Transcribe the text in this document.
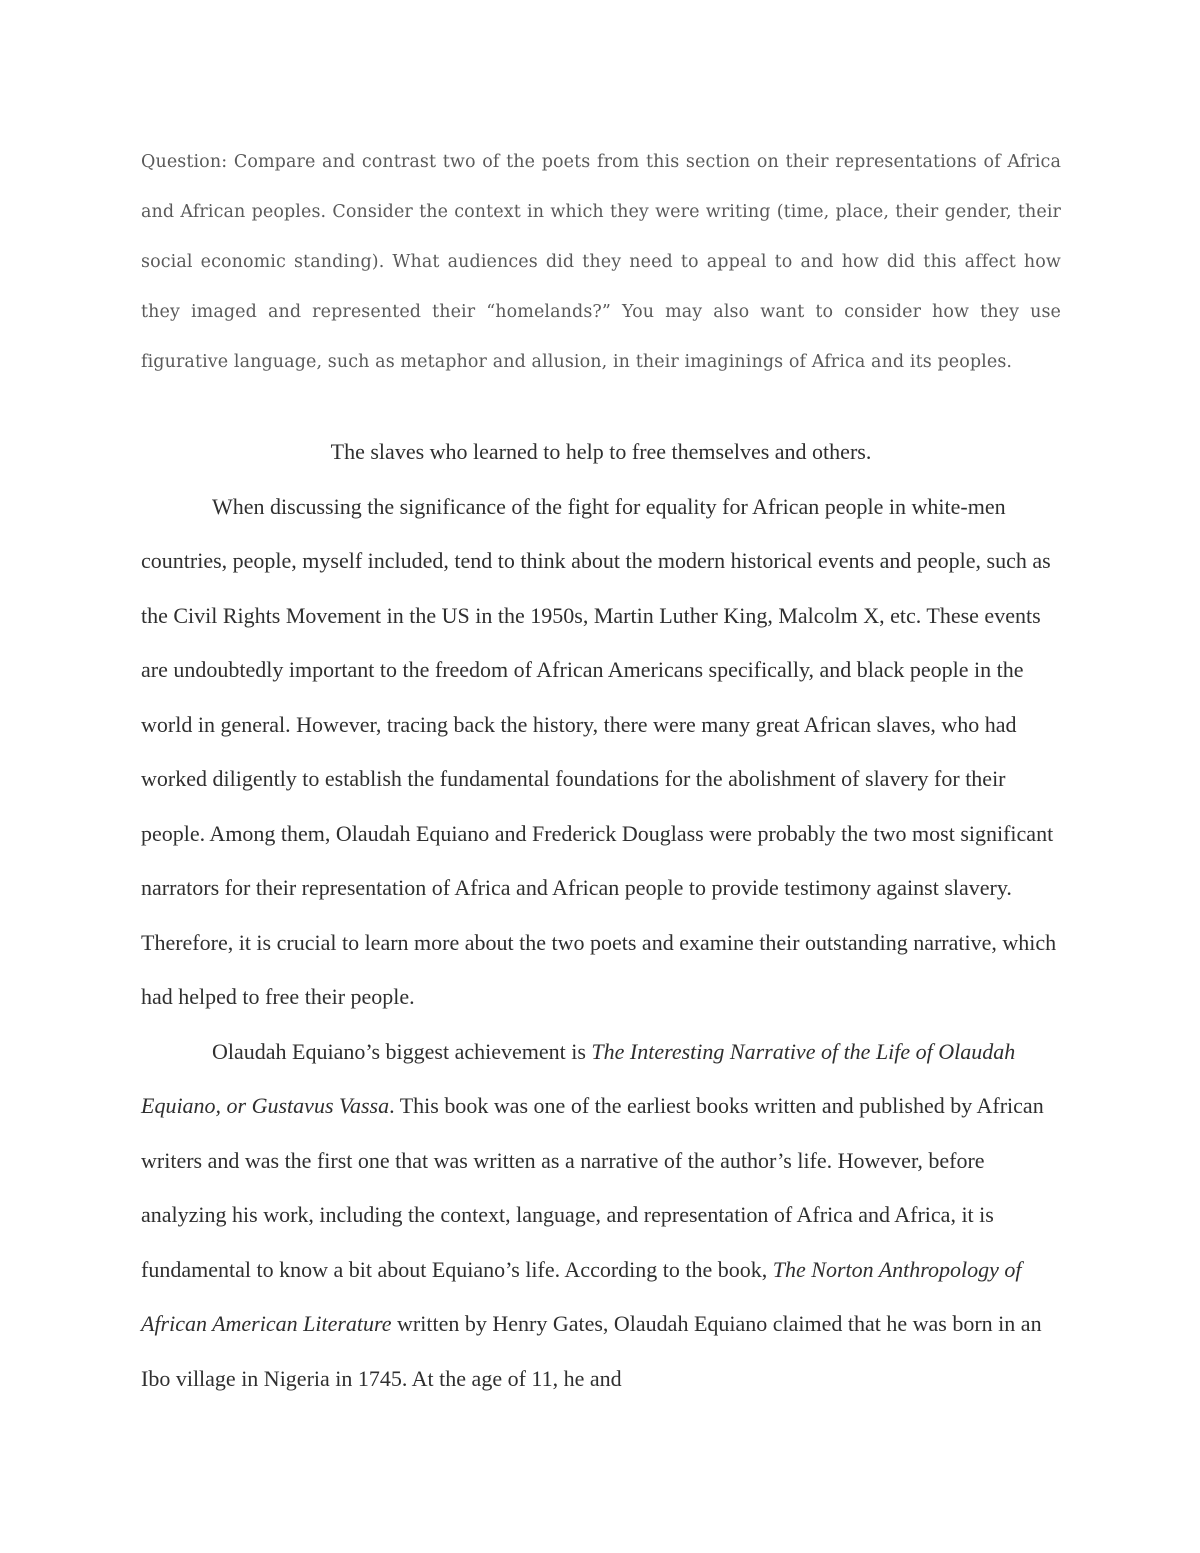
Question: Compare and contrast two of the poets from this section on their representations of Africa and African peoples. Consider the context in which they were writing (time, place, their gender, their social economic standing). What audiences did they need to appeal to and how did this affect how they imaged and represented their “homelands?” You may also want to consider how they use figurative language, such as metaphor and allusion, in their imaginings of Africa and its peoples.

The slaves who learned to help to free themselves and others.

When discussing the significance of the fight for equality for African people in white-men countries, people, myself included, tend to think about the modern historical events and people, such as the Civil Rights Movement in the US in the 1950s, Martin Luther King, Malcolm X, etc. These events are undoubtedly important to the freedom of African Americans specifically, and black people in the world in general. However, tracing back the history, there were many great African slaves, who had worked diligently to establish the fundamental foundations for the abolishment of slavery for their people. Among them, Olaudah Equiano and Frederick Douglass were probably the two most significant narrators for their representation of Africa and African people to provide testimony against slavery. Therefore, it is crucial to learn more about the two poets and examine their outstanding narrative, which had helped to free their people.

Olaudah Equiano’s biggest achievement is The Interesting Narrative of the Life of Olaudah Equiano, or Gustavus Vassa. This book was one of the earliest books written and published by African writers and was the first one that was written as a narrative of the author’s life. However, before analyzing his work, including the context, language, and representation of Africa and Africa, it is fundamental to know a bit about Equiano’s life. According to the book, The Norton Anthropology of African American Literature written by Henry Gates, Olaudah Equiano claimed that he was born in an Ibo village in Nigeria in 1745. At the age of 11, he and
